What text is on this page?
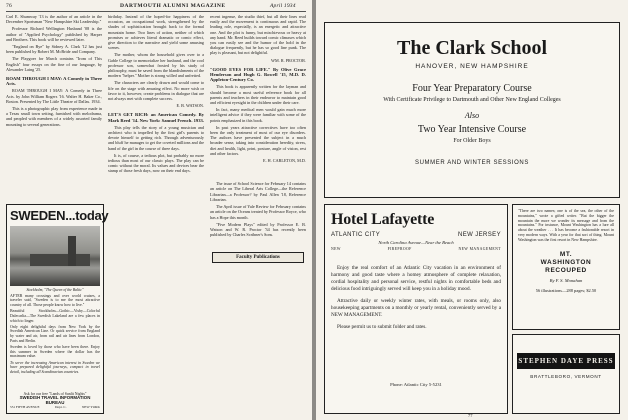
76	DARTMOUTH ALUMNI MAGAZINE	April 1934

Carl E. Shumway '13 is the author of an article in the December Sportsman "New Hampshire Ski Leadership."

Professor Richard Wellington Husband '08 is the author of "Applied Psychology" published by Harper and Brothers. This book will be reviewed later.

"England on Bye" by Sidney A. Clark '12 has just been published by Robert M. McBride and Company.

The Playgoer for March contains "Irom of This English" four essays on the fine of our language, by Alexander Laing '25.

ROAM THROUGH I MAY: A Comedy in Three Acts.

ROAM THROUGH I MAY: A Comedy in Three Acts. by John William Rogers '16. Walter H. Baker Co., Boston. Presented by The Little Theatre of Dallas. 1934.

This is a photographic play from experience made in a Texas small town setting, furnished with melodrama, and peopled with members of a widely assorted family mounting to several generations.

SWEDEN...today
Stockholm, "The Queen of the Baltic"

AFTER many crossings and over world cruises, a traveler said, "Sweden is to me the most attractive country of all. Those people know how to live."

Beautiful Stockholm—Gothic—Visby—Colorful Dalecarlia—The Swedish Lakeland are a few places in which to linger.

Only eight delightful days from New York by the Swedish American Line. Or quick service from England by water and air, from rail and air lines from London, Paris and Berlin.

Sweden is loved by those who have been there. Enjoy this summer in Sweden where the dollar has the maximum value.

To serve the increasing American interest in Sweden we have prepared delightful journeys, compact in travel detail, including all Scandinavian countries.

Ask for our free "Lands of Sunlit Nights"
SWEDISH TRAVEL INFORMATION BUREAU
551 FIFTH AVENUE	Dept. C.	NEW YORK

birthday. Instead of the hoped-for happiness of the occasion, an occupational work, strengthened by the shades of sophistication brought back to the formal mountain home. Two lines of action, neither of which promises or achieves literal dramatic or comic effect, give direction to the narrative and yield some amusing scenes.

The mother, whom the household gives over to a Gable College to memorialize her husband, and the cool professor son, somewhat frosted by his study of philosophy, must be saved from the blandishments of the modern "helper." Mother is strong willed and unfretted.

The characters are clearly drawn and would come to life on the stage with amusing effect. No more wish or favor to it, however, create problems in dialogue that are not always met with complete success.

E. B. WATSON.

LET'S GET RICH: an American Comedy. By Mark Reed '14. New York: Samuel French. 1933.

This play tells the story of a young musician and architect who is impelled by the first girl's parents to devote himself to getting rich. Through adventurously and bluff he manages to get the coveted millions and the hand of the girl in the course of three days.

It is, of course, a tedious plot, but probably no more tedious than most of our classic plays. The play can be comic without the moral. Its values and devices bear the stamp of those fresh days, now on their end days.

recent ingenue, the studio thief, but all their lines read easily and the movement is continuous and rapid. The leading role, especially, is an energetic and attractive one. And the plot is funny, but mischievous or heavy at any hand. Mr. Reed builds toward comic climaxes which you can easily see and the humor of the hold in the dialogue frequently, but he has so good line punk. The play is pleasant, but not delightful.

WM. R. PROCTOR.

"GOOD EYES FOR LIFE." By Olive Grace Henderson and Hugh G. Rowell '15, M.D. D. Appleton-Century Co.

This book is apparently written for the layman and should become a most useful reference book for all parents and teachers in their endeavor to maintain good and efficient eyesight in the children under their care.

In fact, many medical men would gain much more intelligent advice if they were familiar with some of the points emphasized in this book.

In past years attractive correctives have too often been the only treatment of most of our eye disorders. The authors have presented the subject in a much broader sense, taking into consideration heredity, stress, diet and health, light, print, posture, angle of vision, rest and other factors.

E. H. CARLETON, M.D.

The issue of School Science for February 14 contains an article on The Liberal Arts College—the Reference Librarian—a Professor? by Paul Allen '18, Reference Librarian.

The April issue of Yale Review for February contains an article on the Oceans treated by Professor Royce, who has a Hope this month.

"Five Modern Plays" edited by Professor E. B. Watson and W. R. Proctor '34 has recently been published by Charles Scribner's Sons.

Faculty Publications
The Clark School
HANOVER, NEW HAMPSHIRE
Four Year Preparatory Course
With Certificate Privilege to Dartmouth and Other New England Colleges
Also
Two Year Intensive Course
For Older Boys
SUMMER AND WINTER SESSIONS
Hotel Lafayette
ATLANTIC CITY	NEW JERSEY
North Carolina Avenue—Near the Beach
NEW	FIREPROOF	NEW MANAGEMENT

Enjoy the real comfort of an Atlantic City vacation in an environment of harmony and good taste where a homey atmosphere of complete relaxation, cordial hospitality and personal service, restful nights in comfortable beds and delicious food intriguingly served will keep you in a holiday mood.

Attractive daily or weekly winter rates, with meals, or rooms only, also housekeeping apartments on a monthly or yearly rental, conveniently served by a NEW MANAGEMENT.

Please permit us to submit folder and rates.

Phone: Atlantic City 5-5231
"There are two names; one is of the sea, the other of the mountains," wrote a gifted writer. "But the bigger the mountain the more we wonder its message and from the mountains." For instance, Mount Washington has a lure all about the weather . . . It has become a fashionable resort in very modern ways. With a year for that sort of thing. Mount Washington was the first resort in New Hampshire.
MT.
WASHINGTON
RECOUPED
By F. S. Monahan
56 illustrations—288 pages; $2.50
STEPHEN DAYE PRESS
BRATTLEBORO, VERMONT
77
